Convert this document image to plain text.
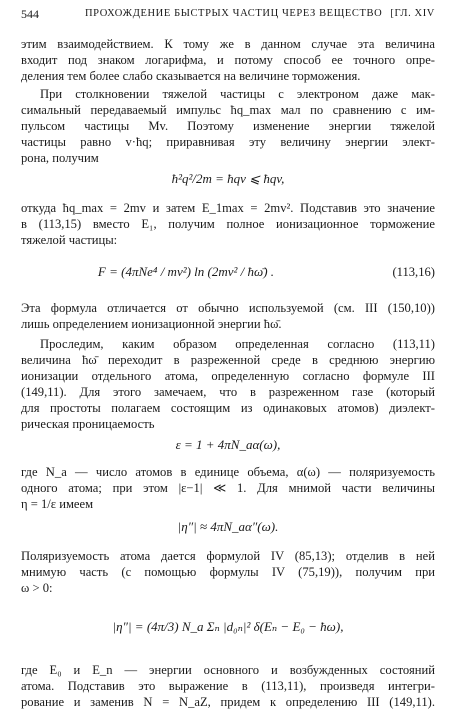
544	ПРОХОЖДЕНИЕ БЫСТРЫХ ЧАСТИЦ ЧЕРЕЗ ВЕЩЕСТВО [ГЛ. XIV
этим взаимодействием. К тому же в данном случае эта величина
входит под знаком логарифма, и потому способ ее точного опре-
деления тем более слабо сказывается на величине торможения.
При столкновении тяжелой частицы с электроном даже мак-
симальный передаваемый импульс ħq_max мал по сравнению с им-
пульсом частицы Mv. Поэтому изменение энергии тяжелой
частицы равно v·ħq; приравнивая эту величину энергии элект-
рона, получим
ħ²q²/2m = ħqv ⩽ ħqv,
откуда ħq_max = 2mv и затем E_1max = 2mv². Подставив это значение
в (113,15) вместо E₁, получим полное ионизационное торможение
тяжелой частицы:
F = (4πNe⁴ / mv²) ln (2mv² / ħω̄) .	(113,16)
Эта формула отличается от обычно используемой (см. III (150,10))
лишь определением ионизационной энергии ħω̄.
Проследим, каким образом определенная согласно (113,11)
величина ħω̄ переходит в разреженной среде в среднюю энергию
ионизации отдельного атома, определенную согласно формуле III
(149,11). Для этого замечаем, что в разреженном газе (который
для простоты полагаем состоящим из одинаковых атомов) диэлект-
рическая проницаемость
ε = 1 + 4πN_aα(ω),
где N_a — число атомов в единице объема, α(ω) — поляризуемость
одного атома; при этом |ε−1| ≪ 1. Для мнимой части величины
η = 1/ε имеем
|η″| ≈ 4πN_aα″(ω).
Поляризуемость атома дается формулой IV (85,13); отделив в ней
мнимую часть (с помощью формулы IV (75,19)), получим при
ω > 0:
|η″| = (4π/3) N_a Σₙ |d₀ₙ|² δ(Eₙ − E₀ − ħω),
где E₀ и E_n — энергии основного и возбужденных состояний
атома. Подставив это выражение в (113,11), произведя интегри-
рование и заменив N = N_aZ, придем к определению III (149,11).
